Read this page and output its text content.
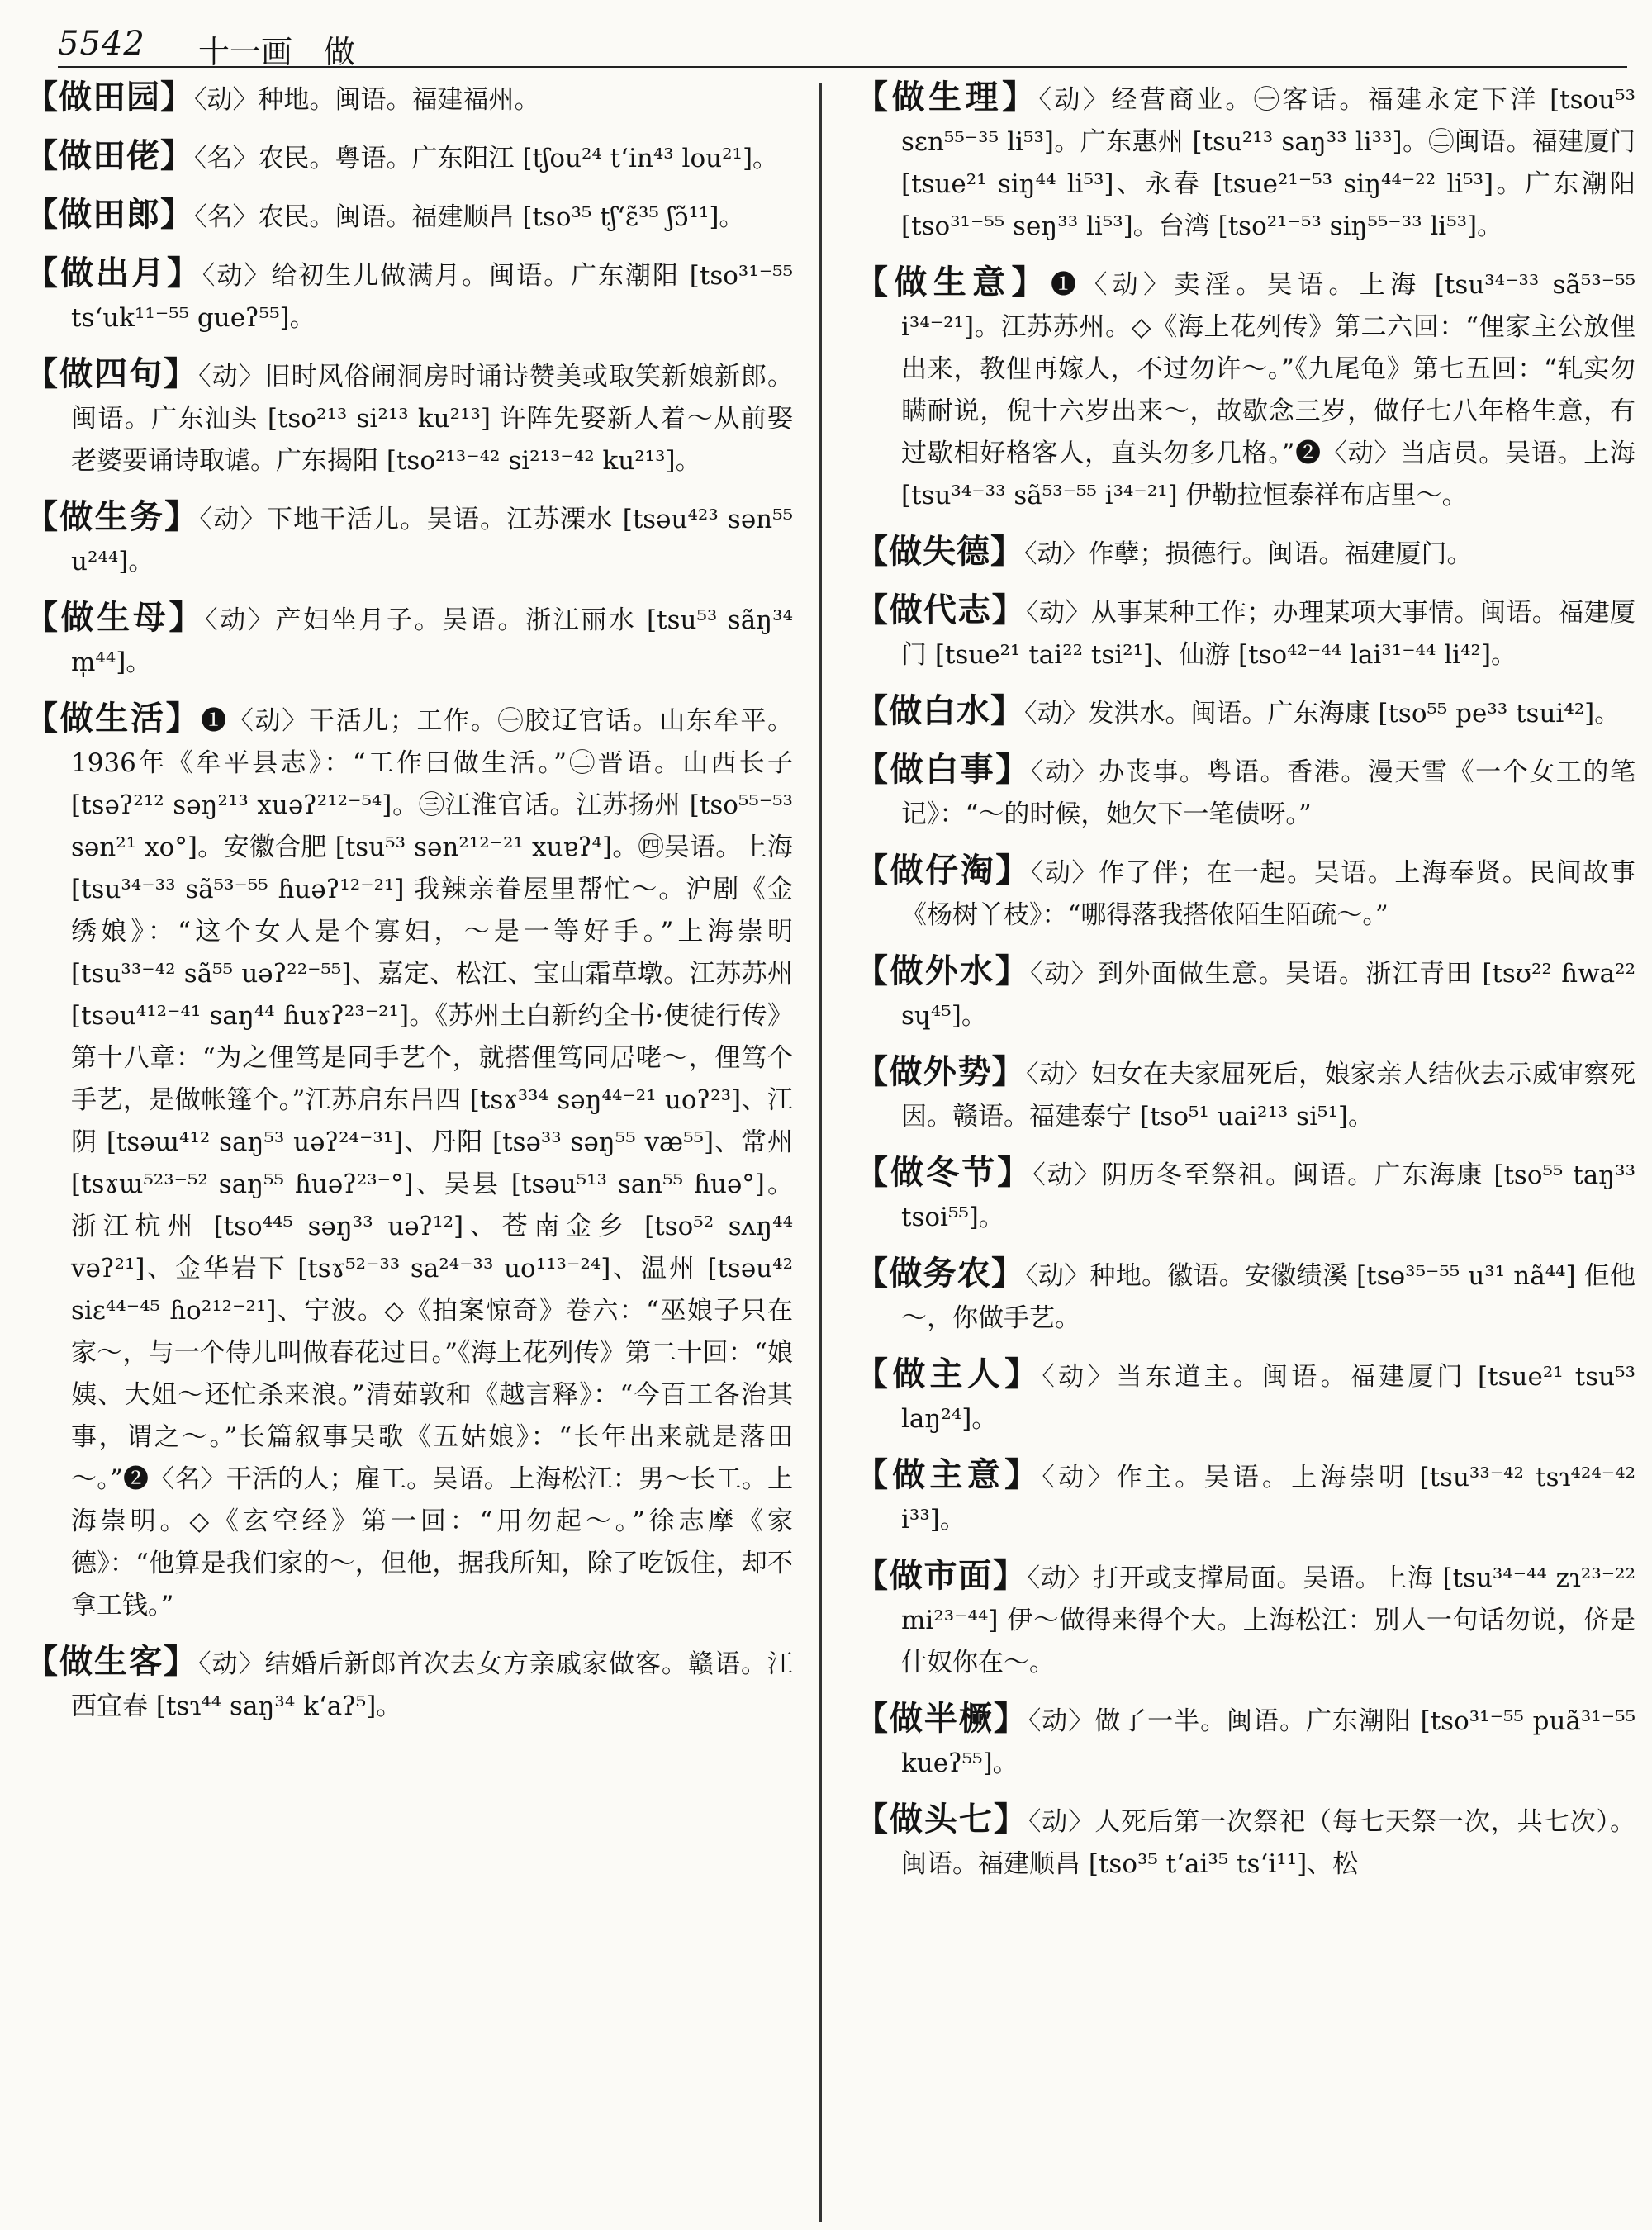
5542 十一画　做

【做田园】〈动〉种地。闽语。福建福州。

【做田佬】〈名〉农民。粤语。广东阳江 [tʃou²⁴ tʻin⁴³ lou²¹]。

【做田郎】〈名〉农民。闽语。福建顺昌 [tso³⁵ tʃʻɛ̃³⁵ ʃɔ̃¹¹]。

【做出月】〈动〉给初生儿做满月。闽语。广东潮阳 [tso³¹⁻⁵⁵ tsʻuk¹¹⁻⁵⁵ gueʔ⁵⁵]。

【做四句】〈动〉旧时风俗闹洞房时诵诗赞美或取笑新娘新郎。闽语。广东汕头 [tso²¹³ si²¹³ ku²¹³] 许阵先娶新人着～从前娶老婆要诵诗取谑。广东揭阳 [tso²¹³⁻⁴² si²¹³⁻⁴² ku²¹³]。

【做生务】〈动〉下地干活儿。吴语。江苏溧水 [tsəu⁴²³ sən⁵⁵ u²⁴⁴]。

【做生母】〈动〉产妇坐月子。吴语。浙江丽水 [tsu⁵³ sãŋ³⁴ m̩⁴⁴]。

【做生活】❶〈动〉干活儿；工作。㊀胶辽官话。山东牟平。1936年《牟平县志》：“工作曰做生活。”㊁晋语。山西长子 [tsəʔ²¹² səŋ²¹³ xuəʔ²¹²⁻⁵⁴]。㊂江淮官话。江苏扬州 [tso⁵⁵⁻⁵³ sən²¹ xo°]。安徽合肥 [tsu⁵³ sən²¹²⁻²¹ xuɐʔ⁴]。㊃吴语。上海 [tsu³⁴⁻³³ sã⁵³⁻⁵⁵ ɦuəʔ¹²⁻²¹] 我辣亲眷屋里帮忙～。沪剧《金绣娘》：“这个女人是个寡妇，～是一等好手。”上海崇明 [tsu³³⁻⁴² sã⁵⁵ uəʔ²²⁻⁵⁵]、嘉定、松江、宝山霜草墩。江苏苏州 [tsəu⁴¹²⁻⁴¹ saŋ⁴⁴ ɦuɤʔ²³⁻²¹]。《苏州土白新约全书·使徒行传》第十八章：“为之俚笃是同手艺个，就搭俚笃同居咾～，俚笃个手艺，是做帐篷个。”江苏启东吕四 [tsɤ³³⁴ səŋ⁴⁴⁻²¹ uoʔ²³]、江阴 [tsəɯ⁴¹² saŋ⁵³ uəʔ²⁴⁻³¹]、丹阳 [tsə³³ səŋ⁵⁵ væ⁵⁵]、常州 [tsɤɯ⁵²³⁻⁵² saŋ⁵⁵ ɦuəʔ²³⁻°]、吴县 [tsəu⁵¹³ san⁵⁵ ɦuə°]。浙江杭州 [tso⁴⁴⁵ səŋ³³ uəʔ¹²]、苍南金乡 [tso⁵² sʌŋ⁴⁴ vəʔ²¹]、金华岩下 [tsɤ⁵²⁻³³ sa²⁴⁻³³ uo¹¹³⁻²⁴]、温州 [tsəu⁴² siɛ⁴⁴⁻⁴⁵ ɦo²¹²⁻²¹]、宁波。◇《拍案惊奇》卷六：“巫娘子只在家～，与一个侍儿叫做春花过日。”《海上花列传》第二十回：“娘姨、大姐～还忙杀来浪。”清茹敦和《越言释》：“今百工各治其事，谓之～。”长篇叙事吴歌《五姑娘》：“长年出来就是落田～。”❷〈名〉干活的人；雇工。吴语。上海松江：男～长工。上海崇明。◇《玄空经》第一回：“用勿起～。”徐志摩《家德》：“他算是我们家的～，但他，据我所知，除了吃饭住，却不拿工钱。”

【做生客】〈动〉结婚后新郎首次去女方亲戚家做客。赣语。江西宜春 [tsɿ⁴⁴ saŋ³⁴ kʻaʔ⁵]。

【做生理】〈动〉经营商业。㊀客话。福建永定下洋 [tsou⁵³ sɛn⁵⁵⁻³⁵ li⁵³]。广东惠州 [tsu²¹³ saŋ³³ li³³]。㊁闽语。福建厦门 [tsue²¹ siŋ⁴⁴ li⁵³]、永春 [tsue²¹⁻⁵³ siŋ⁴⁴⁻²² li⁵³]。广东潮阳 [tso³¹⁻⁵⁵ seŋ³³ li⁵³]。台湾 [tso²¹⁻⁵³ siŋ⁵⁵⁻³³ li⁵³]。

【做生意】❶〈动〉卖淫。吴语。上海 [tsu³⁴⁻³³ sã⁵³⁻⁵⁵ i³⁴⁻²¹]。江苏苏州。◇《海上花列传》第二六回：“俚家主公放俚出来，教俚再嫁人，不过勿许～。”《九尾龟》第七五回：“轧实勿瞒耐说，倪十六岁出来～，故歇念三岁，做仔七八年格生意，有过歇相好格客人，直头勿多几格。”❷〈动〉当店员。吴语。上海 [tsu³⁴⁻³³ sã⁵³⁻⁵⁵ i³⁴⁻²¹] 伊勒拉恒泰祥布店里～。

【做失德】〈动〉作孽；损德行。闽语。福建厦门。

【做代志】〈动〉从事某种工作；办理某项大事情。闽语。福建厦门 [tsue²¹ tai²² tsi²¹]、仙游 [tso⁴²⁻⁴⁴ lai³¹⁻⁴⁴ li⁴²]。

【做白水】〈动〉发洪水。闽语。广东海康 [tso⁵⁵ pe³³ tsui⁴²]。

【做白事】〈动〉办丧事。粤语。香港。漫天雪《一个女工的笔记》：“～的时候，她欠下一笔债呀。”

【做仔淘】〈动〉作了伴；在一起。吴语。上海奉贤。民间故事《杨树丫枝》：“哪得落我搭侬陌生陌疏～。”

【做外水】〈动〉到外面做生意。吴语。浙江青田 [tsʊ²² ɦwa²² sɥ⁴⁵]。

【做外势】〈动〉妇女在夫家屈死后，娘家亲人结伙去示威审察死因。赣语。福建泰宁 [tso⁵¹ uai²¹³ si⁵¹]。

【做冬节】〈动〉阴历冬至祭祖。闽语。广东海康 [tso⁵⁵ taŋ³³ tsoi⁵⁵]。

【做务农】〈动〉种地。徽语。安徽绩溪 [tsɵ³⁵⁻⁵⁵ u³¹ nã⁴⁴] 佢他～，你做手艺。

【做主人】〈动〉当东道主。闽语。福建厦门 [tsue²¹ tsu⁵³ laŋ²⁴]。

【做主意】〈动〉作主。吴语。上海崇明 [tsu³³⁻⁴² tsɿ⁴²⁴⁻⁴² i³³]。

【做市面】〈动〉打开或支撑局面。吴语。上海 [tsu³⁴⁻⁴⁴ zɿ²³⁻²² mi²³⁻⁴⁴] 伊～做得来得个大。上海松江：别人一句话勿说，侪是什奴你在～。

【做半橛】〈动〉做了一半。闽语。广东潮阳 [tso³¹⁻⁵⁵ puã³¹⁻⁵⁵ kueʔ⁵⁵]。

【做头七】〈动〉人死后第一次祭祀（每七天祭一次，共七次）。闽语。福建顺昌 [tso³⁵ tʻai³⁵ tsʻi¹¹]、松
